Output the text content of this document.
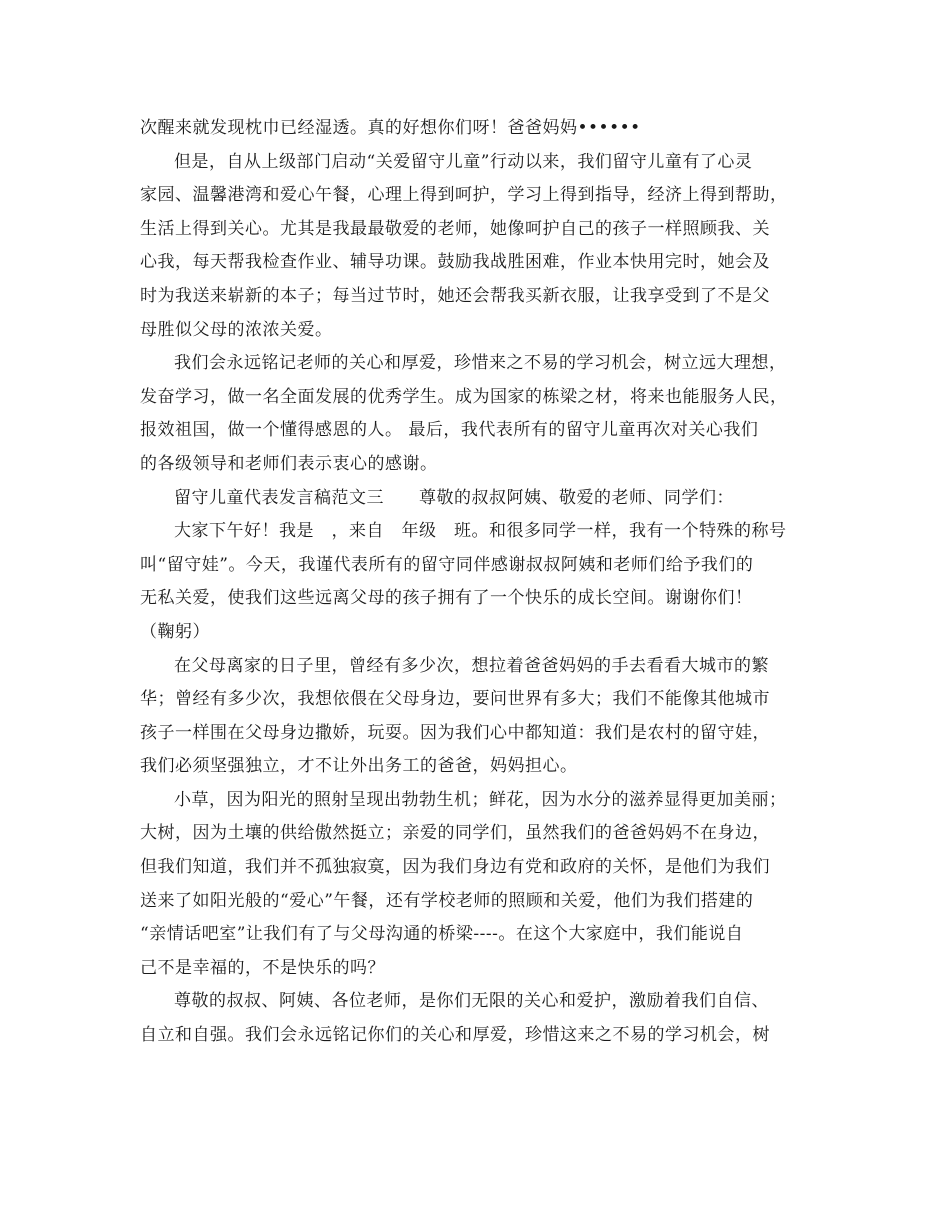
次醒来就发现枕巾已经湿透。真的好想你们呀！爸爸妈妈••••••
但是，自从上级部门启动“关爱留守儿童”行动以来，我们留守儿童有了心灵
家园、温馨港湾和爱心午餐，心理上得到呵护，学习上得到指导，经济上得到帮助，
生活上得到关心。尤其是我最最敬爱的老师，她像呵护自己的孩子一样照顾我、关
心我，每天帮我检查作业、辅导功课。鼓励我战胜困难，作业本快用完时，她会及
时为我送来崭新的本子；每当过节时，她还会帮我买新衣服，让我享受到了不是父
母胜似父母的浓浓关爱。
我们会永远铭记老师的关心和厚爱，珍惜来之不易的学习机会，树立远大理想，
发奋学习，做一名全面发展的优秀学生。成为国家的栋梁之材，将来也能服务人民，
报效祖国，做一个懂得感恩的人。 最后，我代表所有的留守儿童再次对关心我们
的各级领导和老师们表示衷心的感谢。
留守儿童代表发言稿范文三　　尊敬的叔叔阿姨、敬爱的老师、同学们：
大家下午好！我是　，来自　年级　班。和很多同学一样，我有一个特殊的称号
叫“留守娃”。今天，我谨代表所有的留守同伴感谢叔叔阿姨和老师们给予我们的
无私关爱，使我们这些远离父母的孩子拥有了一个快乐的成长空间。谢谢你们！
（鞠躬）
在父母离家的日子里，曾经有多少次，想拉着爸爸妈妈的手去看看大城市的繁
华；曾经有多少次，我想依偎在父母身边，要问世界有多大；我们不能像其他城市
孩子一样围在父母身边撒娇，玩耍。因为我们心中都知道：我们是农村的留守娃，
我们必须坚强独立，才不让外出务工的爸爸，妈妈担心。
小草，因为阳光的照射呈现出勃勃生机；鲜花，因为水分的滋养显得更加美丽；
大树，因为土壤的供给傲然挺立；亲爱的同学们，虽然我们的爸爸妈妈不在身边，
但我们知道，我们并不孤独寂寞，因为我们身边有党和政府的关怀，是他们为我们
送来了如阳光般的“爱心”午餐，还有学校老师的照顾和关爱，他们为我们搭建的
“亲情话吧室”让我们有了与父母沟通的桥梁----。在这个大家庭中，我们能说自
己不是幸福的，不是快乐的吗？
尊敬的叔叔、阿姨、各位老师，是你们无限的关心和爱护，激励着我们自信、
自立和自强。我们会永远铭记你们的关心和厚爱，珍惜这来之不易的学习机会，树
